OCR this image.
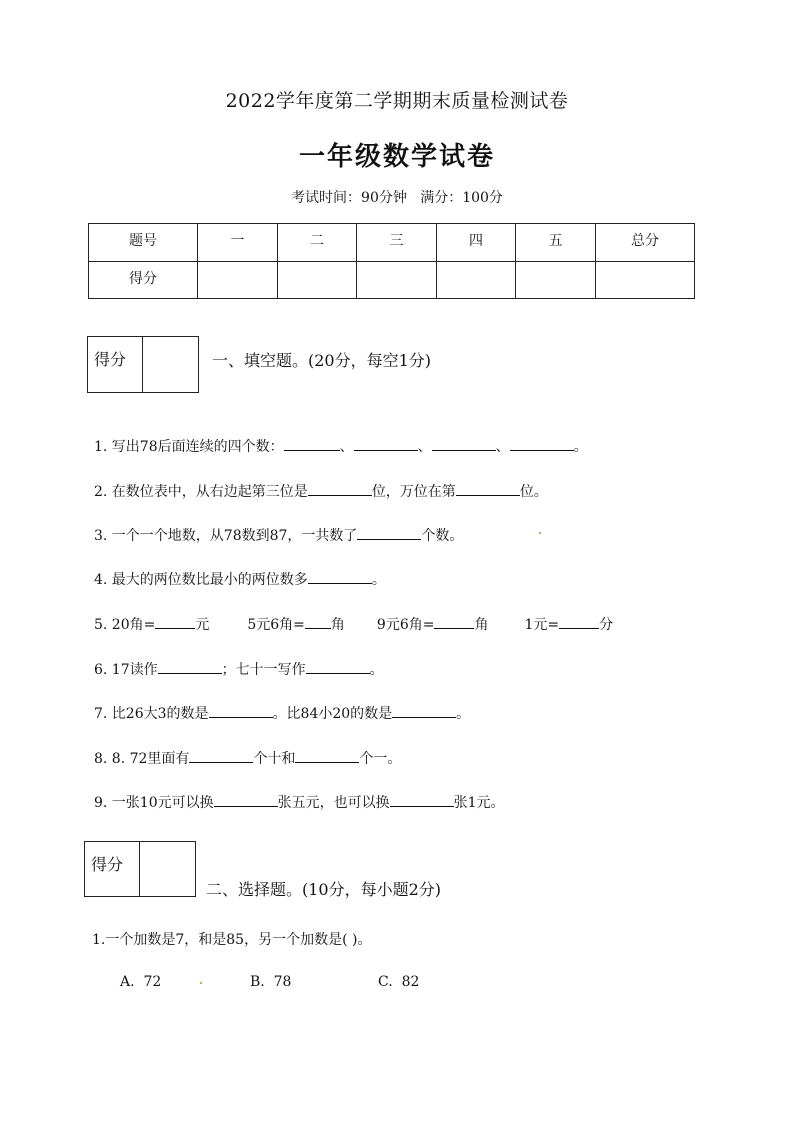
2022学年度第二学期期末质量检测试卷
一年级数学试卷
考试时间：90分钟   满分：100分
题号	一	二	三	四	五	总分
得分						
得分	一、填空题。(20分，每空1分)
1. 写出78后面连续的四个数：	、	、	、	。
2. 在数位表中，从右边起第三位是	位，万位在第	位。
3. 一个一个地数，从78数到87，一共数了	个数。
4. 最大的两位数比最小的两位数多	。
5. 20角=	元	5元6角= 角 9元6角=	角	1元=	分
6. 17读作	；七十一写作	。
7. 比26大3的数是	。比84小20的数是	。
8. 8. 72里面有	个十和	个一。
9. 一张10元可以换	张五元，也可以换	张1元。
得分
二、选择题。(10分，每小题2分)
1.一个加数是7，和是85，另一个加数是( )。
A.  72	B.  78	C.  82
